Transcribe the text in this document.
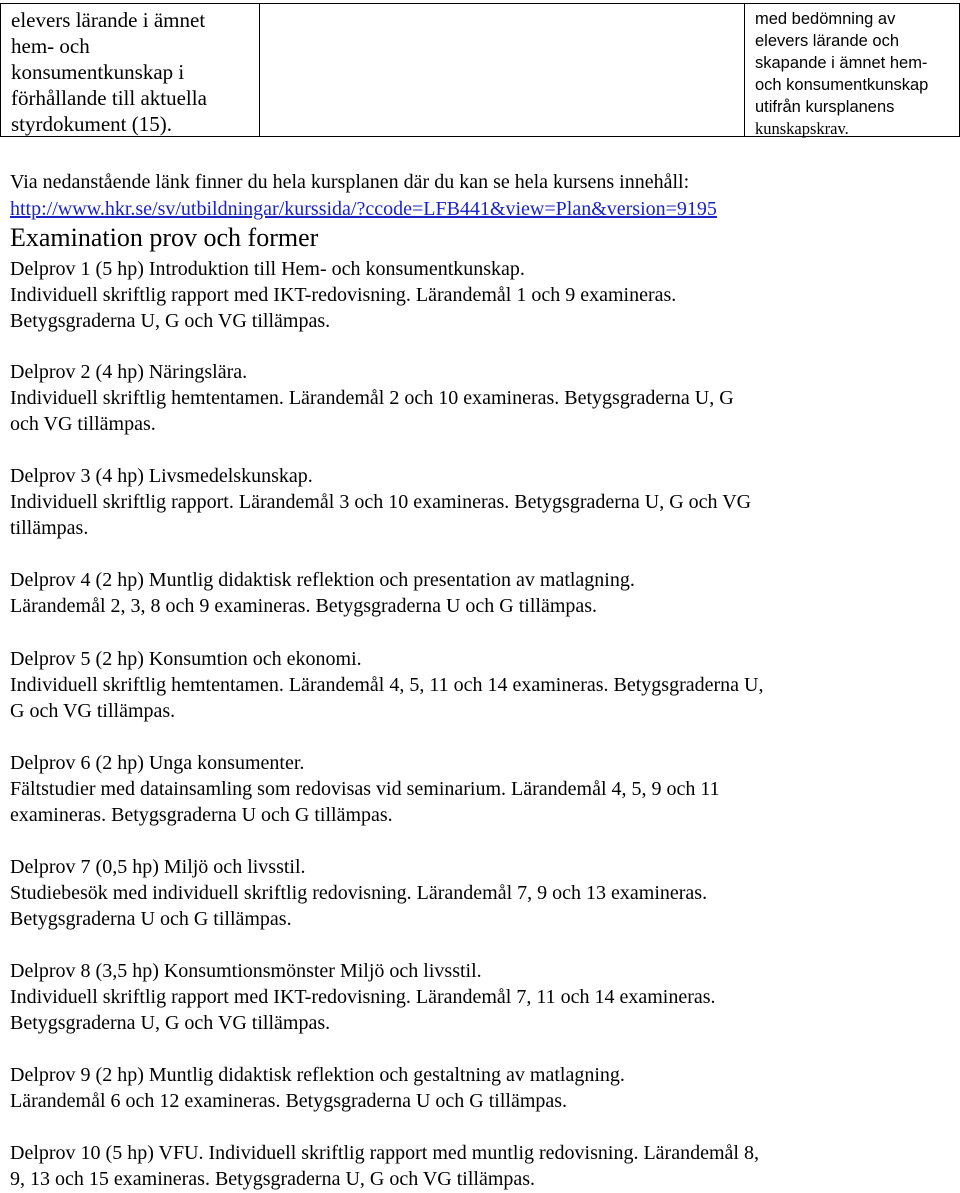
elevers lärande i ämnet
hem- och
konsumentkunskap i
förhållande till aktuella
styrdokument (15).
med bedömning av
elevers lärande och
skapande i ämnet hem-
och konsumentkunskap
utifrån kursplanens
kunskapskrav.
Via nedanstående länk finner du hela kursplanen där du kan se hela kursens innehåll:
http://www.hkr.se/sv/utbildningar/kurssida/?ccode=LFB441&view=Plan&version=9195
Examination prov och former
Delprov 1 (5 hp) Introduktion till Hem- och konsumentkunskap.
Individuell skriftlig rapport med IKT-redovisning. Lärandemål 1 och 9 examineras.
Betygsgraderna U, G och VG tillämpas.
Delprov 2 (4 hp) Näringslära.
Individuell skriftlig hemtentamen. Lärandemål 2 och 10 examineras. Betygsgraderna U, G
och VG tillämpas.
Delprov 3 (4 hp) Livsmedelskunskap.
Individuell skriftlig rapport. Lärandemål 3 och 10 examineras. Betygsgraderna U, G och VG
tillämpas.
Delprov 4 (2 hp) Muntlig didaktisk reflektion och presentation av matlagning.
Lärandemål 2, 3, 8 och 9 examineras. Betygsgraderna U och G tillämpas.
Delprov 5 (2 hp) Konsumtion och ekonomi.
Individuell skriftlig hemtentamen. Lärandemål 4, 5, 11 och 14 examineras. Betygsgraderna U,
G och VG tillämpas.
Delprov 6 (2 hp) Unga konsumenter.
Fältstudier med datainsamling som redovisas vid seminarium. Lärandemål 4, 5, 9 och 11
examineras. Betygsgraderna U och G tillämpas.
Delprov 7 (0,5 hp) Miljö och livsstil.
Studiebesök med individuell skriftlig redovisning. Lärandemål 7, 9 och 13 examineras.
Betygsgraderna U och G tillämpas.
Delprov 8 (3,5 hp) Konsumtionsmönster Miljö och livsstil.
Individuell skriftlig rapport med IKT-redovisning. Lärandemål 7, 11 och 14 examineras.
Betygsgraderna U, G och VG tillämpas.
Delprov 9 (2 hp) Muntlig didaktisk reflektion och gestaltning av matlagning.
Lärandemål 6 och 12 examineras. Betygsgraderna U och G tillämpas.
Delprov 10 (5 hp) VFU. Individuell skriftlig rapport med muntlig redovisning. Lärandemål 8,
9, 13 och 15 examineras. Betygsgraderna U, G och VG tillämpas.
